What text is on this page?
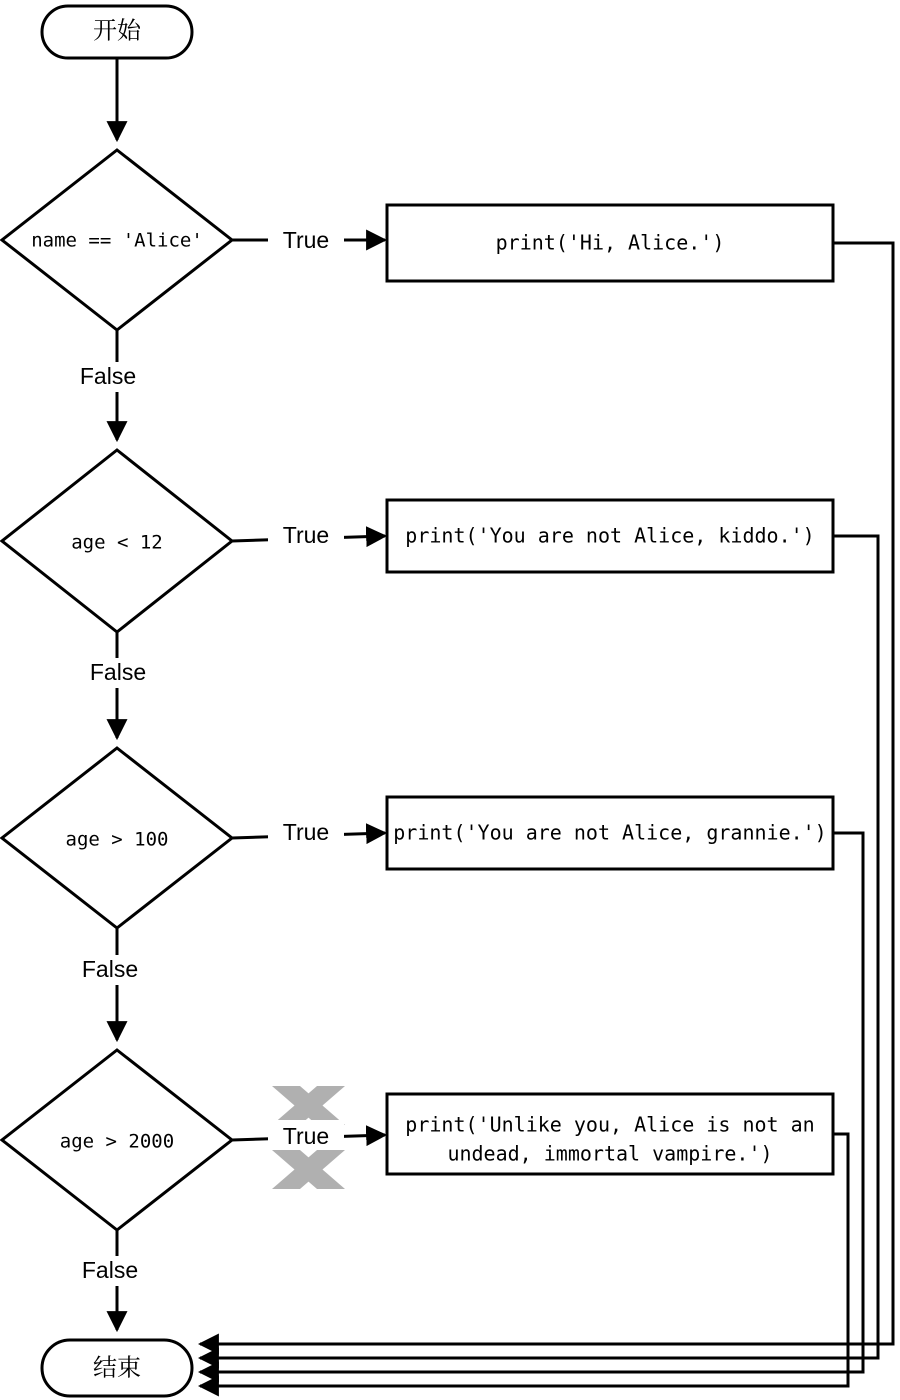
开始
name == 'Alice'	True	print('Hi, Alice.')
False
age < 12	True	print('You are not Alice, kiddo.')
False
age > 100	True	print('You are not Alice, grannie.')
False
age > 2000	True	print('Unlike you, Alice is not an
undead, immortal vampire.')
False
结束
